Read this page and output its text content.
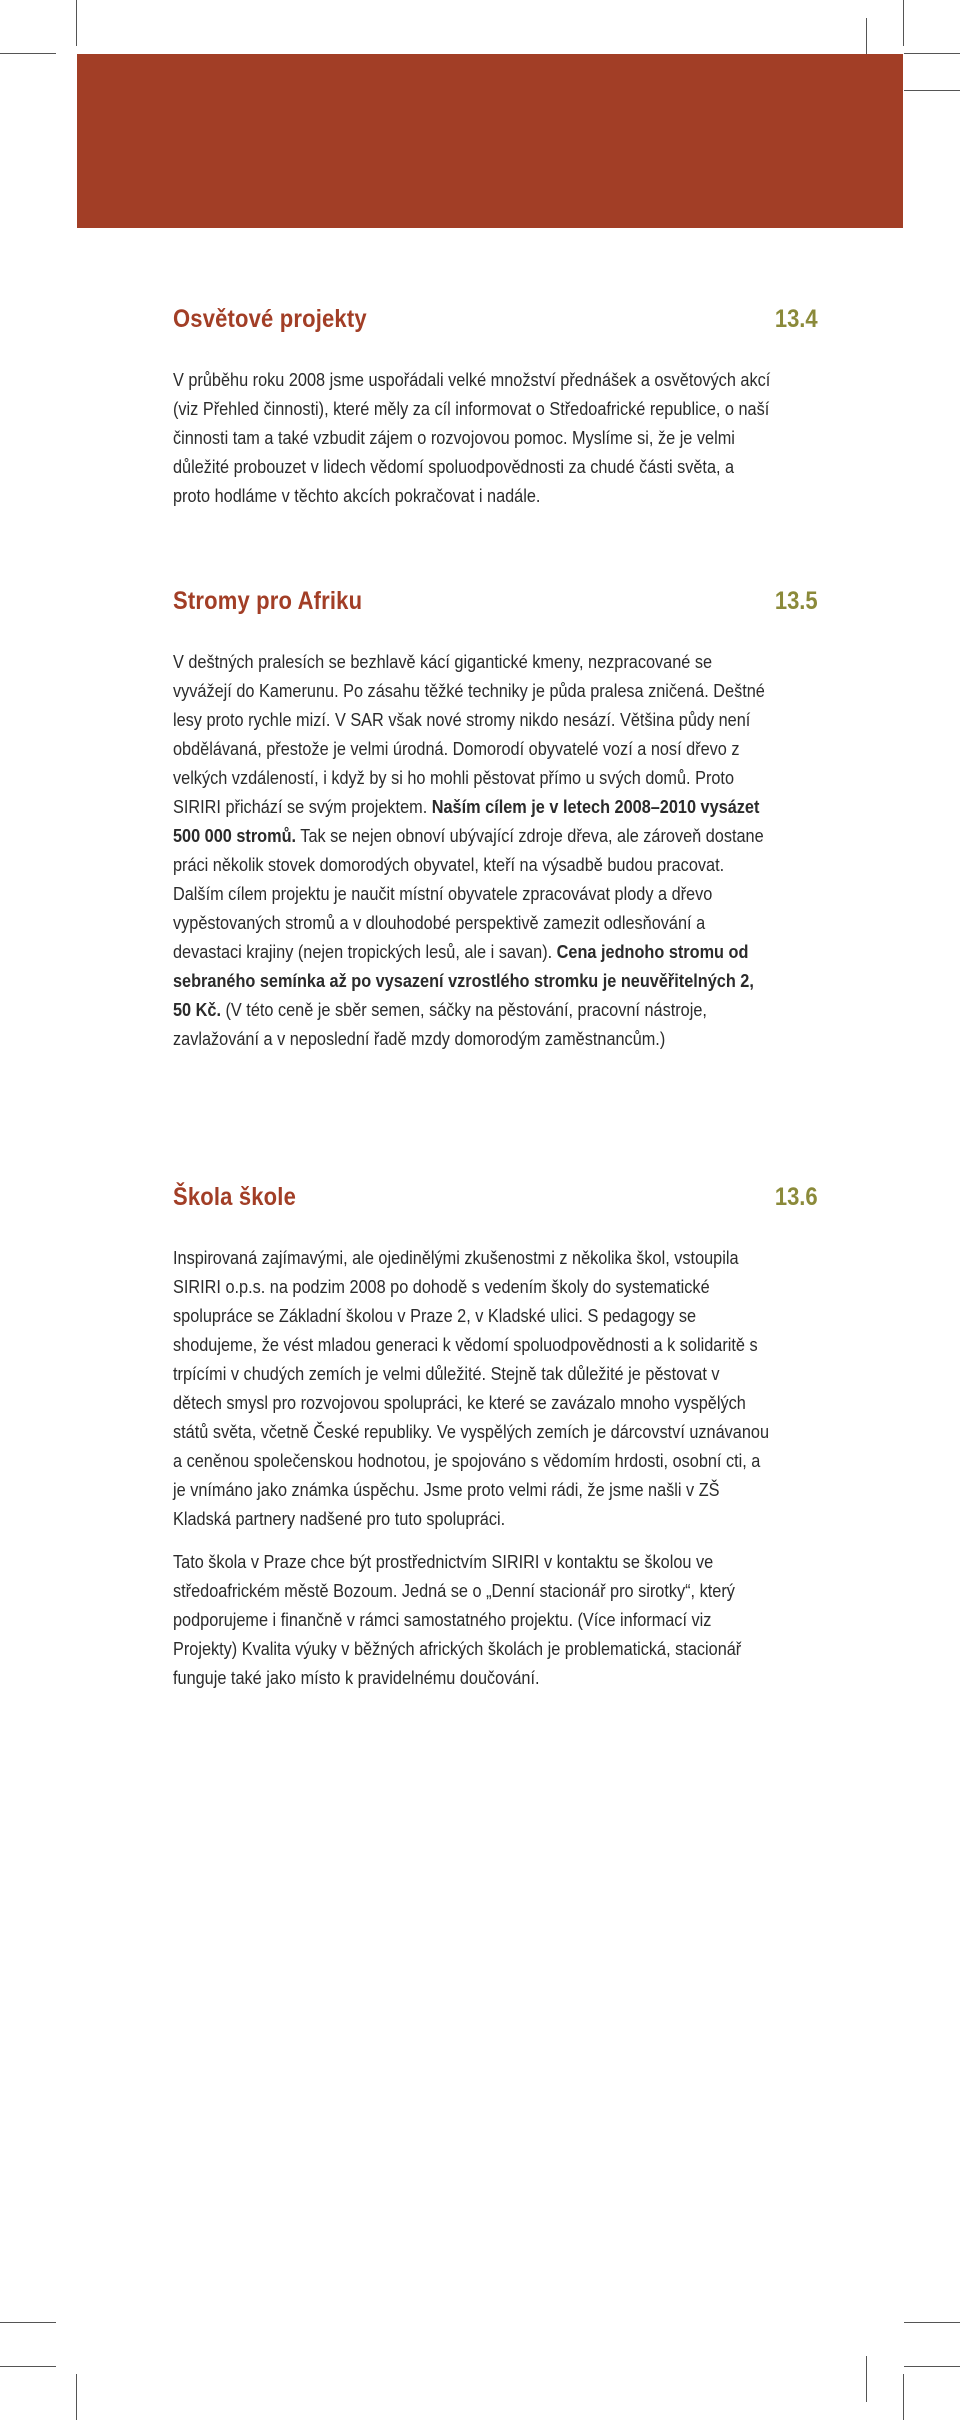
Osvětové projekty	13.4

V průběhu roku 2008 jsme uspořádali velké množství přednášek a osvětových akcí (viz Přehled činnosti), které měly za cíl informovat o Středoafrické republice, o naší činnosti tam a také vzbudit zájem o rozvojovou pomoc. Myslíme si, že je velmi důležité probouzet v lidech vědomí spoluodpovědnosti za chudé části světa, a proto hodláme v těchto akcích pokračovat i nadále.

Stromy pro Afriku	13.5

V deštných pralesích se bezhlavě kácí gigantické kmeny, nezpracované se vyvážejí do Kamerunu. Po zásahu těžké techniky je půda pralesa zničená. Deštné lesy proto rychle mizí. V SAR však nové stromy nikdo nesází. Většina půdy není obdělávaná, přestože je velmi úrodná. Domorodí obyvatelé vozí a nosí dřevo z velkých vzdáleností, i když by si ho mohli pěstovat přímo u svých domů. Proto SIRIRI přichází se svým projektem. Naším cílem je v letech 2008–2010 vysázet 500 000 stromů. Tak se nejen obnoví ubývající zdroje dřeva, ale zároveň dostane práci několik stovek domorodých obyvatel, kteří na výsadbě budou pracovat. Dalším cílem projektu je naučit místní obyvatele zpracovávat plody a dřevo vypěstovaných stromů a v dlouhodobé perspektivě zamezit odlesňování a devastaci krajiny (nejen tropických lesů, ale i savan). Cena jednoho stromu od sebraného semínka až po vysazení vzrostlého stromku je neuvěřitelných 2, 50 Kč. (V této ceně je sběr semen, sáčky na pěstování, pracovní nástroje, zavlažování a v neposlední řadě mzdy domorodým zaměstnancům.)

Škola škole	13.6

Inspirovaná zajímavými, ale ojedinělými zkušenostmi z několika škol, vstoupila SIRIRI o.p.s. na podzim 2008 po dohodě s vedením školy do systematické spolupráce se Základní školou v Praze 2, v Kladské ulici. S pedagogy se shodujeme, že vést mladou generaci k vědomí spoluodpovědnosti a k solidaritě s trpícími v chudých zemích je velmi důležité. Stejně tak důležité je pěstovat v dětech smysl pro rozvojovou spolupráci, ke které se zavázalo mnoho vyspělých států světa, včetně České republiky. Ve vyspělých zemích je dárcovství uznávanou a ceněnou společenskou hodnotou, je spojováno s vědomím hrdosti, osobní cti, a je vnímáno jako známka úspěchu. Jsme proto velmi rádi, že jsme našli v ZŠ Kladská partnery nadšené pro tuto spolupráci.

Tato škola v Praze chce být prostřednictvím SIRIRI v kontaktu se školou ve středoafrickém městě Bozoum. Jedná se o „Denní stacionář pro sirotky“, který podporujeme i finančně v rámci samostatného projektu. (Více informací viz Projekty) Kvalita výuky v běžných afrických školách je problematická, stacionář funguje také jako místo k pravidelnému doučování.
